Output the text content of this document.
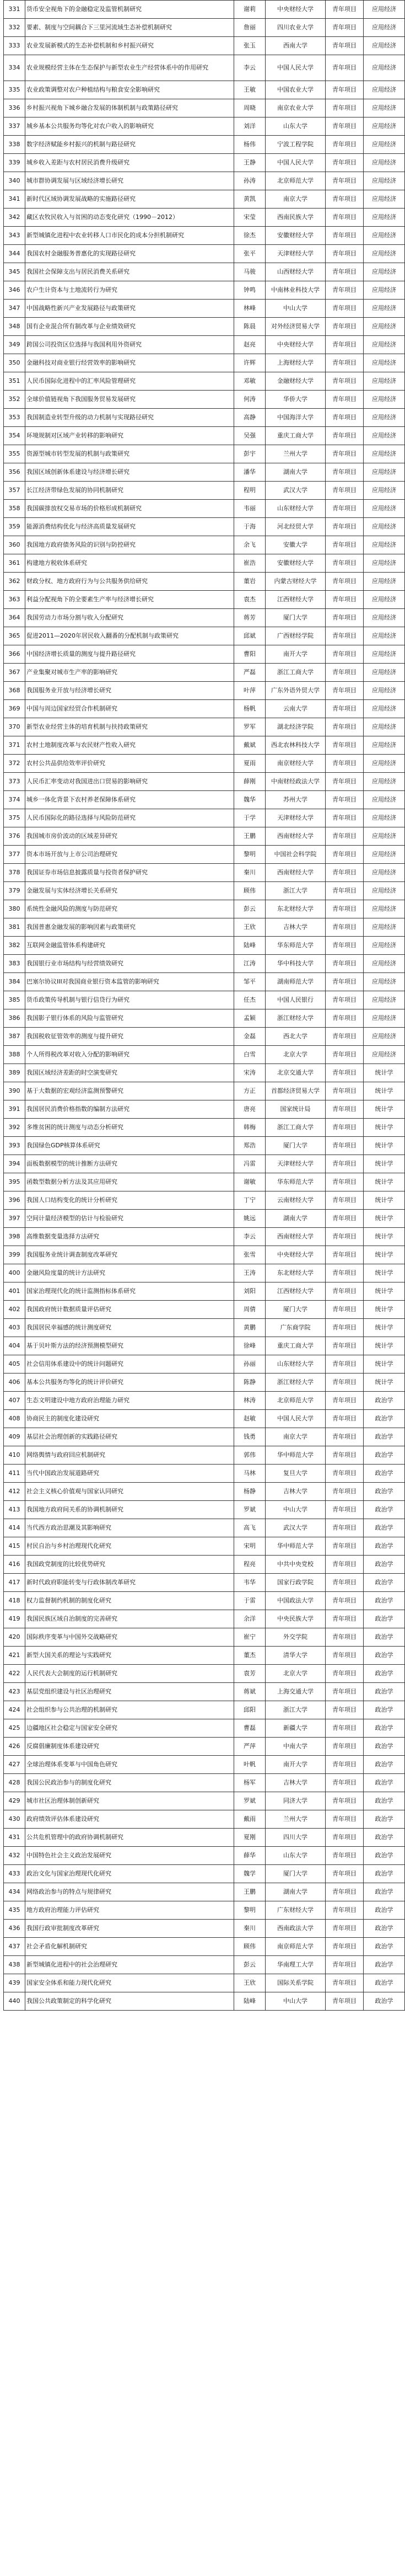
331	货币安全视角下的金融稳定及监管机制研究	谢莉	中央财经大学	青年项目	应用经济
332	要素、制度与空间耦合下三里河流域生态补偿机制研究	詹丽	四川农业大学	青年项目	应用经济
333	农业发展新模式的生态补偿机制和乡村振兴研究	张玉	西南大学	青年项目	应用经济
334	农业规模经营主体在生态保护与新型农业生产经营体系中的作用研究	李云	中国人民大学	青年项目	应用经济
335	农业政策调整对农户种植结构与粮食安全影响研究	王敏	中国农业大学	青年项目	应用经济
336	乡村振兴视角下城乡融合发展的体制机制与政策路径研究	周晓	南京农业大学	青年项目	应用经济
337	城乡基本公共服务均等化对农户收入的影响研究	刘洋	山东大学	青年项目	应用经济
338	数字经济赋能乡村振兴的机制与路径研究	杨伟	宁波工程学院	青年项目	应用经济
339	城乡收入差距与农村居民消费升级研究	王静	中国人民大学	青年项目	应用经济
340	城市群协调发展与区域经济增长研究	孙涛	北京师范大学	青年项目	应用经济
341	新时代区域协调发展战略的实施路径研究	黄凯	南京大学	青年项目	应用经济
342	藏区农牧民收入与贫困的动态变化研究（1990－2012）	宋莹	西南民族大学	青年项目	应用经济
343	新型城镇化进程中农业转移人口市民化的成本分担机制研究	徐杰	安徽财经大学	青年项目	应用经济
344	我国农村金融服务普惠化的实现路径研究	张平	天津财经大学	青年项目	应用经济
345	我国社会保障支出与居民消费关系研究	马骏	山西财经大学	青年项目	应用经济
346	农户生计资本与土地流转行为研究	钟鸣	中南林业科技大学	青年项目	应用经济
347	中国战略性新兴产业发展路径与政策研究	林峰	中山大学	青年项目	应用经济
348	国有企业混合所有制改革与企业绩效研究	陈晨	对外经济贸易大学	青年项目	应用经济
349	跨国公司投资区位选择与我国利用外资研究	赵亮	中央财经大学	青年项目	应用经济
350	金融科技对商业银行经营效率的影响研究	许辉	上海财经大学	青年项目	应用经济
351	人民币国际化进程中的汇率风险管理研究	邓敏	金融财经大学	青年项目	应用经济
352	全球价值链视角下我国服务贸易发展研究	何涛	华侨大学	青年项目	应用经济
353	我国制造业转型升级的动力机制与实现路径研究	高静	中国海洋大学	青年项目	应用经济
354	环境规制对区域产业转移的影响研究	吴强	重庆工商大学	青年项目	应用经济
355	资源型城市转型发展的机制与政策研究	彭宇	兰州大学	青年项目	应用经济
356	我国区域创新体系建设与经济增长研究	潘华	湖南大学	青年项目	应用经济
357	长江经济带绿色发展的协同机制研究	程明	武汉大学	青年项目	应用经济
358	我国碳排放权交易市场的价格形成机制研究	韦丽	山东财经大学	青年项目	应用经济
359	能源消费结构优化与经济高质量发展研究	于海	河北经贸大学	青年项目	应用经济
360	我国地方政府债务风险的识别与防控研究	余飞	安徽大学	青年项目	应用经济
361	构建地方税收体系研究	崔浩	安徽财经大学	青年项目	应用经济
362	财政分权、地方政府行为与公共服务供给研究	董岩	内蒙古财经大学	青年项目	应用经济
363	利益分配视角下的全要素生产率与经济增长研究	袁杰	江西财经大学	青年项目	应用经济
364	我国劳动力市场分割与收入分配研究	蒋芳	厦门大学	青年项目	应用经济
365	促进2011—2020年居民收入翻番的分配机制与政策研究	邱斌	广西财经学院	青年项目	应用经济
366	中国经济增长质量的测度与提升路径研究	曹阳	南开大学	青年项目	应用经济
367	产业集聚对城市生产率的影响研究	严磊	浙江工商大学	青年项目	应用经济
368	我国服务业开放与经济增长研究	叶萍	广东外语外贸大学	青年项目	应用经济
369	中国与周边国家经贸合作机制研究	杨帆	云南大学	青年项目	应用经济
370	新型农业经营主体的培育机制与扶持政策研究	罗军	湖北经济学院	青年项目	应用经济
371	农村土地制度改革与农民财产性收入研究	戴斌	西北农林科技大学	青年项目	应用经济
372	农村公共品供给效率评价研究	夏雨	南京财经大学	青年项目	应用经济
373	人民币汇率变动对我国进出口贸易的影响研究	薛刚	中南财经政法大学	青年项目	应用经济
374	城乡一体化背景下农村养老保障体系研究	魏华	苏州大学	青年项目	应用经济
375	人民币国际化的路径选择与风险防范研究	于学	天津财经大学	青年项目	应用经济
376	我国城市房价波动的区域差异研究	王鹏	西南财经大学	青年项目	应用经济
377	资本市场开放与上市公司治理研究	黎明	中国社会科学院	青年项目	应用经济
378	我国证券市场信息披露质量与投资者保护研究	秦川	西南财经大学	青年项目	应用经济
379	金融发展与实体经济增长关系研究	顾伟	浙江大学	青年项目	应用经济
380	系统性金融风险的测度与防范研究	彭云	东北财经大学	青年项目	应用经济
381	我国普惠金融发展的影响因素与政策研究	王欣	吉林大学	青年项目	应用经济
382	互联网金融监管体系构建研究	陆峰	华东师范大学	青年项目	应用经济
383	我国银行业市场结构与经营绩效研究	江涛	华中科技大学	青年项目	应用经济
384	巴塞尔协议III对我国商业银行资本监管的影响研究	邹平	湖南师范大学	青年项目	应用经济
385	货币政策传导机制与银行信贷行为研究	任杰	中国人民银行	青年项目	应用经济
386	我国影子银行体系的风险与监管研究	孟颖	浙江财经大学	青年项目	应用经济
387	我国税收征管效率的测度与提升研究	金磊	西北大学	青年项目	应用经济
388	个人所得税改革对收入分配的影响研究	白雪	北京大学	青年项目	应用经济
389	我国区域经济差距的时空演变研究	宋涛	北京交通大学	青年项目	统计学
390	基于大数据的宏观经济监测预警研究	方正	首都经济贸易大学	青年项目	统计学
391	我国居民消费价格指数的编制方法研究	唐亮	国家统计局	青年项目	统计学
392	多维贫困的统计测度与动态分析研究	韩梅	浙江工商大学	青年项目	统计学
393	我国绿色GDP核算体系研究	郑浩	厦门大学	青年项目	统计学
394	面板数据模型的统计推断方法研究	冯雷	天津财经大学	青年项目	统计学
395	函数型数据分析方法及其应用研究	谢敏	华东师范大学	青年项目	统计学
396	我国人口结构变化的统计分析研究	丁宁	云南财经大学	青年项目	统计学
397	空间计量经济模型的估计与检验研究	姚远	湖南大学	青年项目	统计学
398	高维数据变量选择方法研究	李云	西南财经大学	青年项目	统计学
399	我国服务业统计调查制度改革研究	张雪	中央财经大学	青年项目	统计学
400	金融风险度量的统计方法研究	王涛	东北财经大学	青年项目	统计学
401	国家治理现代化的统计监测指标体系研究	刘阳	江西财经大学	青年项目	统计学
402	我国政府统计数据质量评估研究	周倩	厦门大学	青年项目	统计学
403	我国居民幸福感的统计测度研究	黄鹏	广东商学院	青年项目	统计学
404	基于贝叶斯方法的经济预测模型研究	徐峰	重庆工商大学	青年项目	统计学
405	社会信用体系建设中的统计问题研究	孙丽	山东财经大学	青年项目	统计学
406	基本公共服务均等化的统计评价研究	陈静	浙江财经大学	青年项目	统计学
407	生态文明建设中地方政府治理能力研究	林涛	北京师范大学	青年项目	政治学
408	协商民主的制度化建设研究	赵敏	中国人民大学	青年项目	政治学
409	基层社会治理创新的实践路径研究	钱勇	南京大学	青年项目	政治学
410	网络舆情与政府回应机制研究	郭伟	华中师范大学	青年项目	政治学
411	当代中国政治发展道路研究	马林	复旦大学	青年项目	政治学
412	社会主义核心价值观与国家认同研究	杨静	吉林大学	青年项目	政治学
413	我国地方政府间关系的协调机制研究	罗斌	中山大学	青年项目	政治学
414	当代西方政治思潮及其影响研究	高飞	武汉大学	青年项目	政治学
415	村民自治与乡村治理现代化研究	宋明	华中师范大学	青年项目	政治学
416	我国政党制度的比较优势研究	程亮	中共中央党校	青年项目	政治学
417	新时代政府职能转变与行政体制改革研究	韦华	国家行政学院	青年项目	政治学
418	权力监督制约机制的制度化研究	于雷	中国政法大学	青年项目	政治学
419	我国民族区域自治制度的完善研究	余洋	中央民族大学	青年项目	政治学
420	国际秩序变革与中国外交战略研究	崔宁	外交学院	青年项目	政治学
421	新型大国关系的理论与实践研究	董杰	清华大学	青年项目	政治学
422	人民代表大会制度的运行机制研究	袁芳	北京大学	青年项目	政治学
423	基层党组织建设与社区治理研究	蒋斌	上海交通大学	青年项目	政治学
424	社会组织参与公共治理的机制研究	邱阳	浙江大学	青年项目	政治学
425	边疆地区社会稳定与国家安全研究	曹磊	新疆大学	青年项目	政治学
426	反腐倡廉制度体系建设研究	严萍	中南大学	青年项目	政治学
427	全球治理体系变革与中国角色研究	叶帆	南开大学	青年项目	政治学
428	我国公民政治参与的制度化研究	杨军	吉林大学	青年项目	政治学
429	城市社区治理体制创新研究	罗斌	同济大学	青年项目	政治学
430	政府绩效评估体系建设研究	戴雨	兰州大学	青年项目	政治学
431	公共危机管理中的政府协调机制研究	夏刚	四川大学	青年项目	政治学
432	中国特色社会主义政治发展研究	薛华	山东大学	青年项目	政治学
433	政治文化与国家治理现代化研究	魏学	厦门大学	青年项目	政治学
434	网络政治参与的特点与规律研究	王鹏	湖南大学	青年项目	政治学
435	地方政府治理能力评估研究	黎明	广东财经大学	青年项目	政治学
436	我国行政审批制度改革研究	秦川	西南政法大学	青年项目	政治学
437	社会矛盾化解机制研究	顾伟	南京师范大学	青年项目	政治学
438	新型城镇化进程中的社会治理研究	彭云	华南理工大学	青年项目	政治学
439	国家安全体系和能力现代化研究	王欣	国际关系学院	青年项目	政治学
440	我国公共政策制定的科学化研究	陆峰	中山大学	青年项目	政治学
